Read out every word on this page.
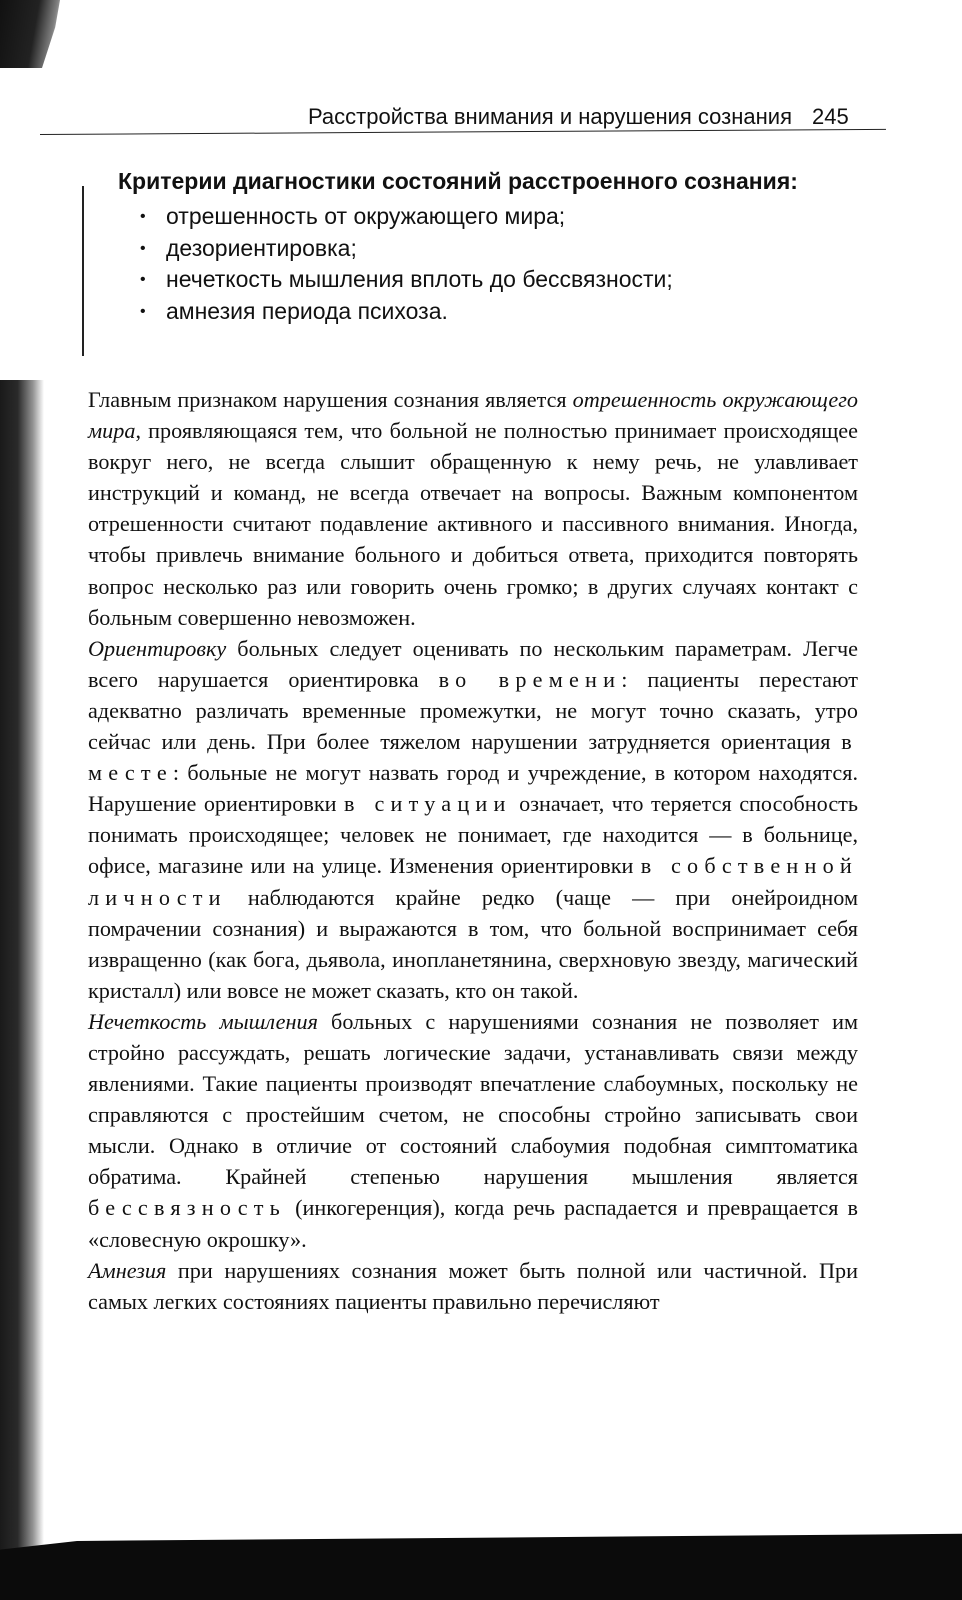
Расстройства внимания и нарушения сознания 245
Критерии диагностики состояний расстроенного сознания:
• отрешенность от окружающего мира;
• дезориентировка;
• нечеткость мышления вплоть до бессвязности;
• амнезия периода психоза.

Главным признаком нарушения сознания является отрешенность окружающего мира, проявляющаяся тем, что больной не полностью принимает происходящее вокруг него, не всегда слышит обращенную к нему речь, не улавливает инструкций и команд, не всегда отвечает на вопросы. Важным компонентом отрешенности считают подавление активного и пассивного внимания. Иногда, чтобы привлечь внимание больного и добиться ответа, приходится повторять вопрос несколько раз или говорить очень громко; в других случаях контакт с больным совершенно невозможен.

Ориентировку больных следует оценивать по нескольким параметрам. Легче всего нарушается ориентировка во времени: пациенты перестают адекватно различать временные промежутки, не могут точно сказать, утро сейчас или день. При более тяжелом нарушении затрудняется ориентация в месте: больные не могут назвать город и учреждение, в котором находятся. Нарушение ориентировки в ситуации означает, что теряется способность понимать происходящее; человек не понимает, где находится — в больнице, офисе, магазине или на улице. Изменения ориентировки в собственной личности наблюдаются крайне редко (чаще — при онейроидном помрачении сознания) и выражаются в том, что больной воспринимает себя извращенно (как бога, дьявола, инопланетянина, сверхновую звезду, магический кристалл) или вовсе не может сказать, кто он такой.

Нечеткость мышления больных с нарушениями сознания не позволяет им стройно рассуждать, решать логические задачи, устанавливать связи между явлениями. Такие пациенты производят впечатление слабоумных, поскольку не справляются с простейшим счетом, не способны стройно записывать свои мысли. Однако в отличие от состояний слабоумия подобная симптоматика обратима. Крайней степенью нарушения мышления является бессвязность (инкогеренция), когда речь распадается и превращается в «словесную окрошку».

Амнезия при нарушениях сознания может быть полной или частичной. При самых легких состояниях пациенты правильно перечисляют
